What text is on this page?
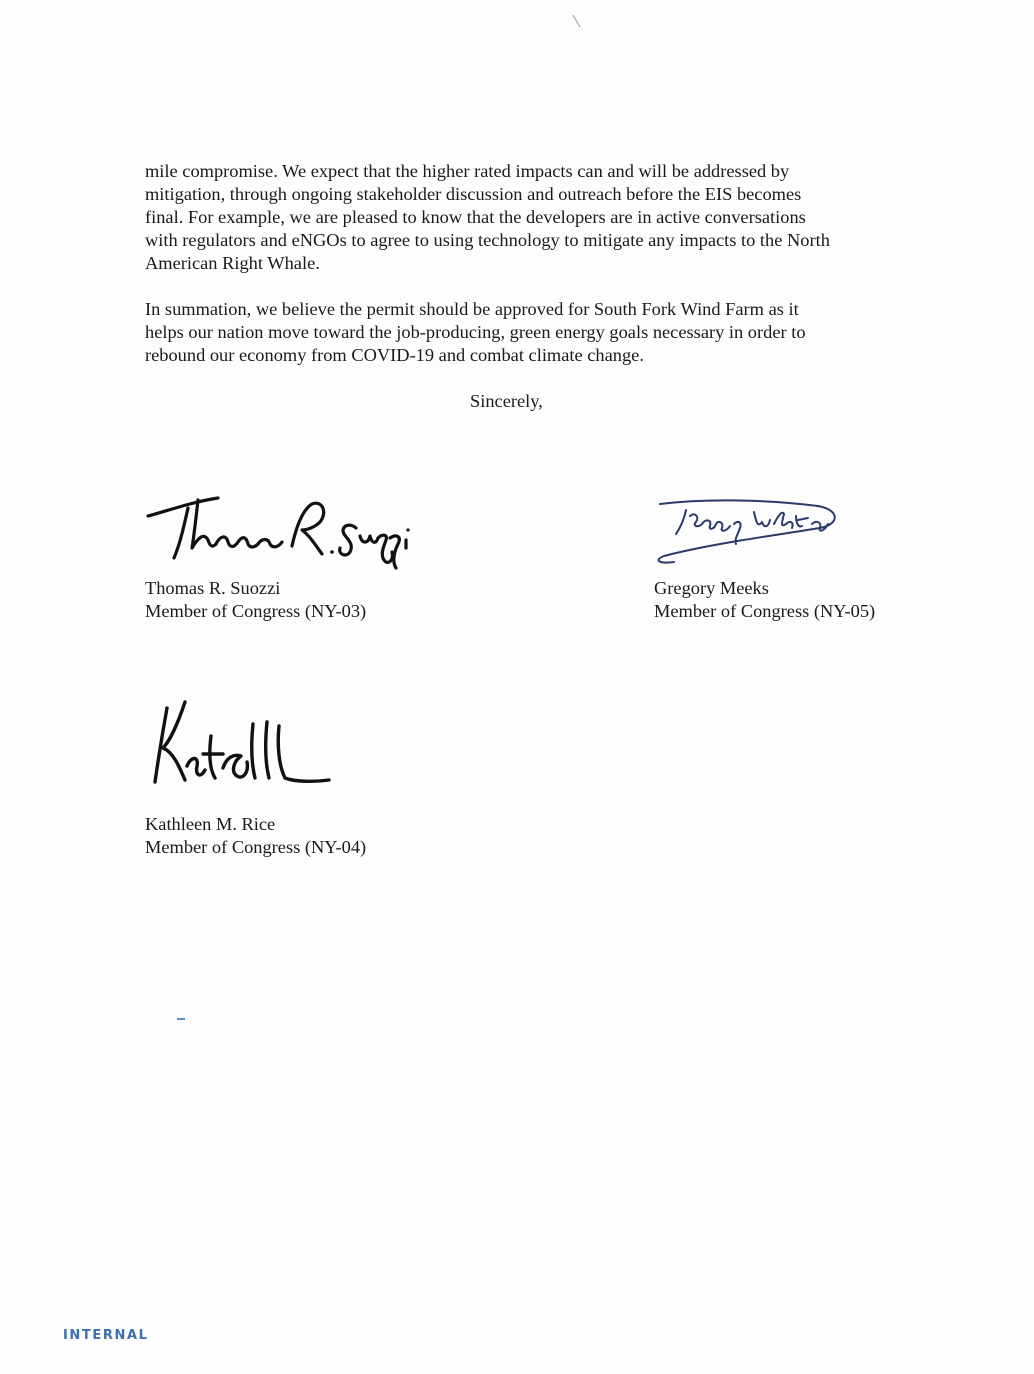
mile compromise. We expect that the higher rated impacts can and will be addressed by
mitigation, through ongoing stakeholder discussion and outreach before the EIS becomes
final. For example, we are pleased to know that the developers are in active conversations
with regulators and eNGOs to agree to using technology to mitigate any impacts to the North
American Right Whale.

In summation, we believe the permit should be approved for South Fork Wind Farm as it
helps our nation move toward the job-producing, green energy goals necessary in order to
rebound our economy from COVID-19 and combat climate change.

Sincerely,
Thomas R. Suozzi
Member of Congress (NY-03)
Gregory Meeks
Member of Congress (NY-05)
Kathleen M. Rice
Member of Congress (NY-04)
INTERNAL
